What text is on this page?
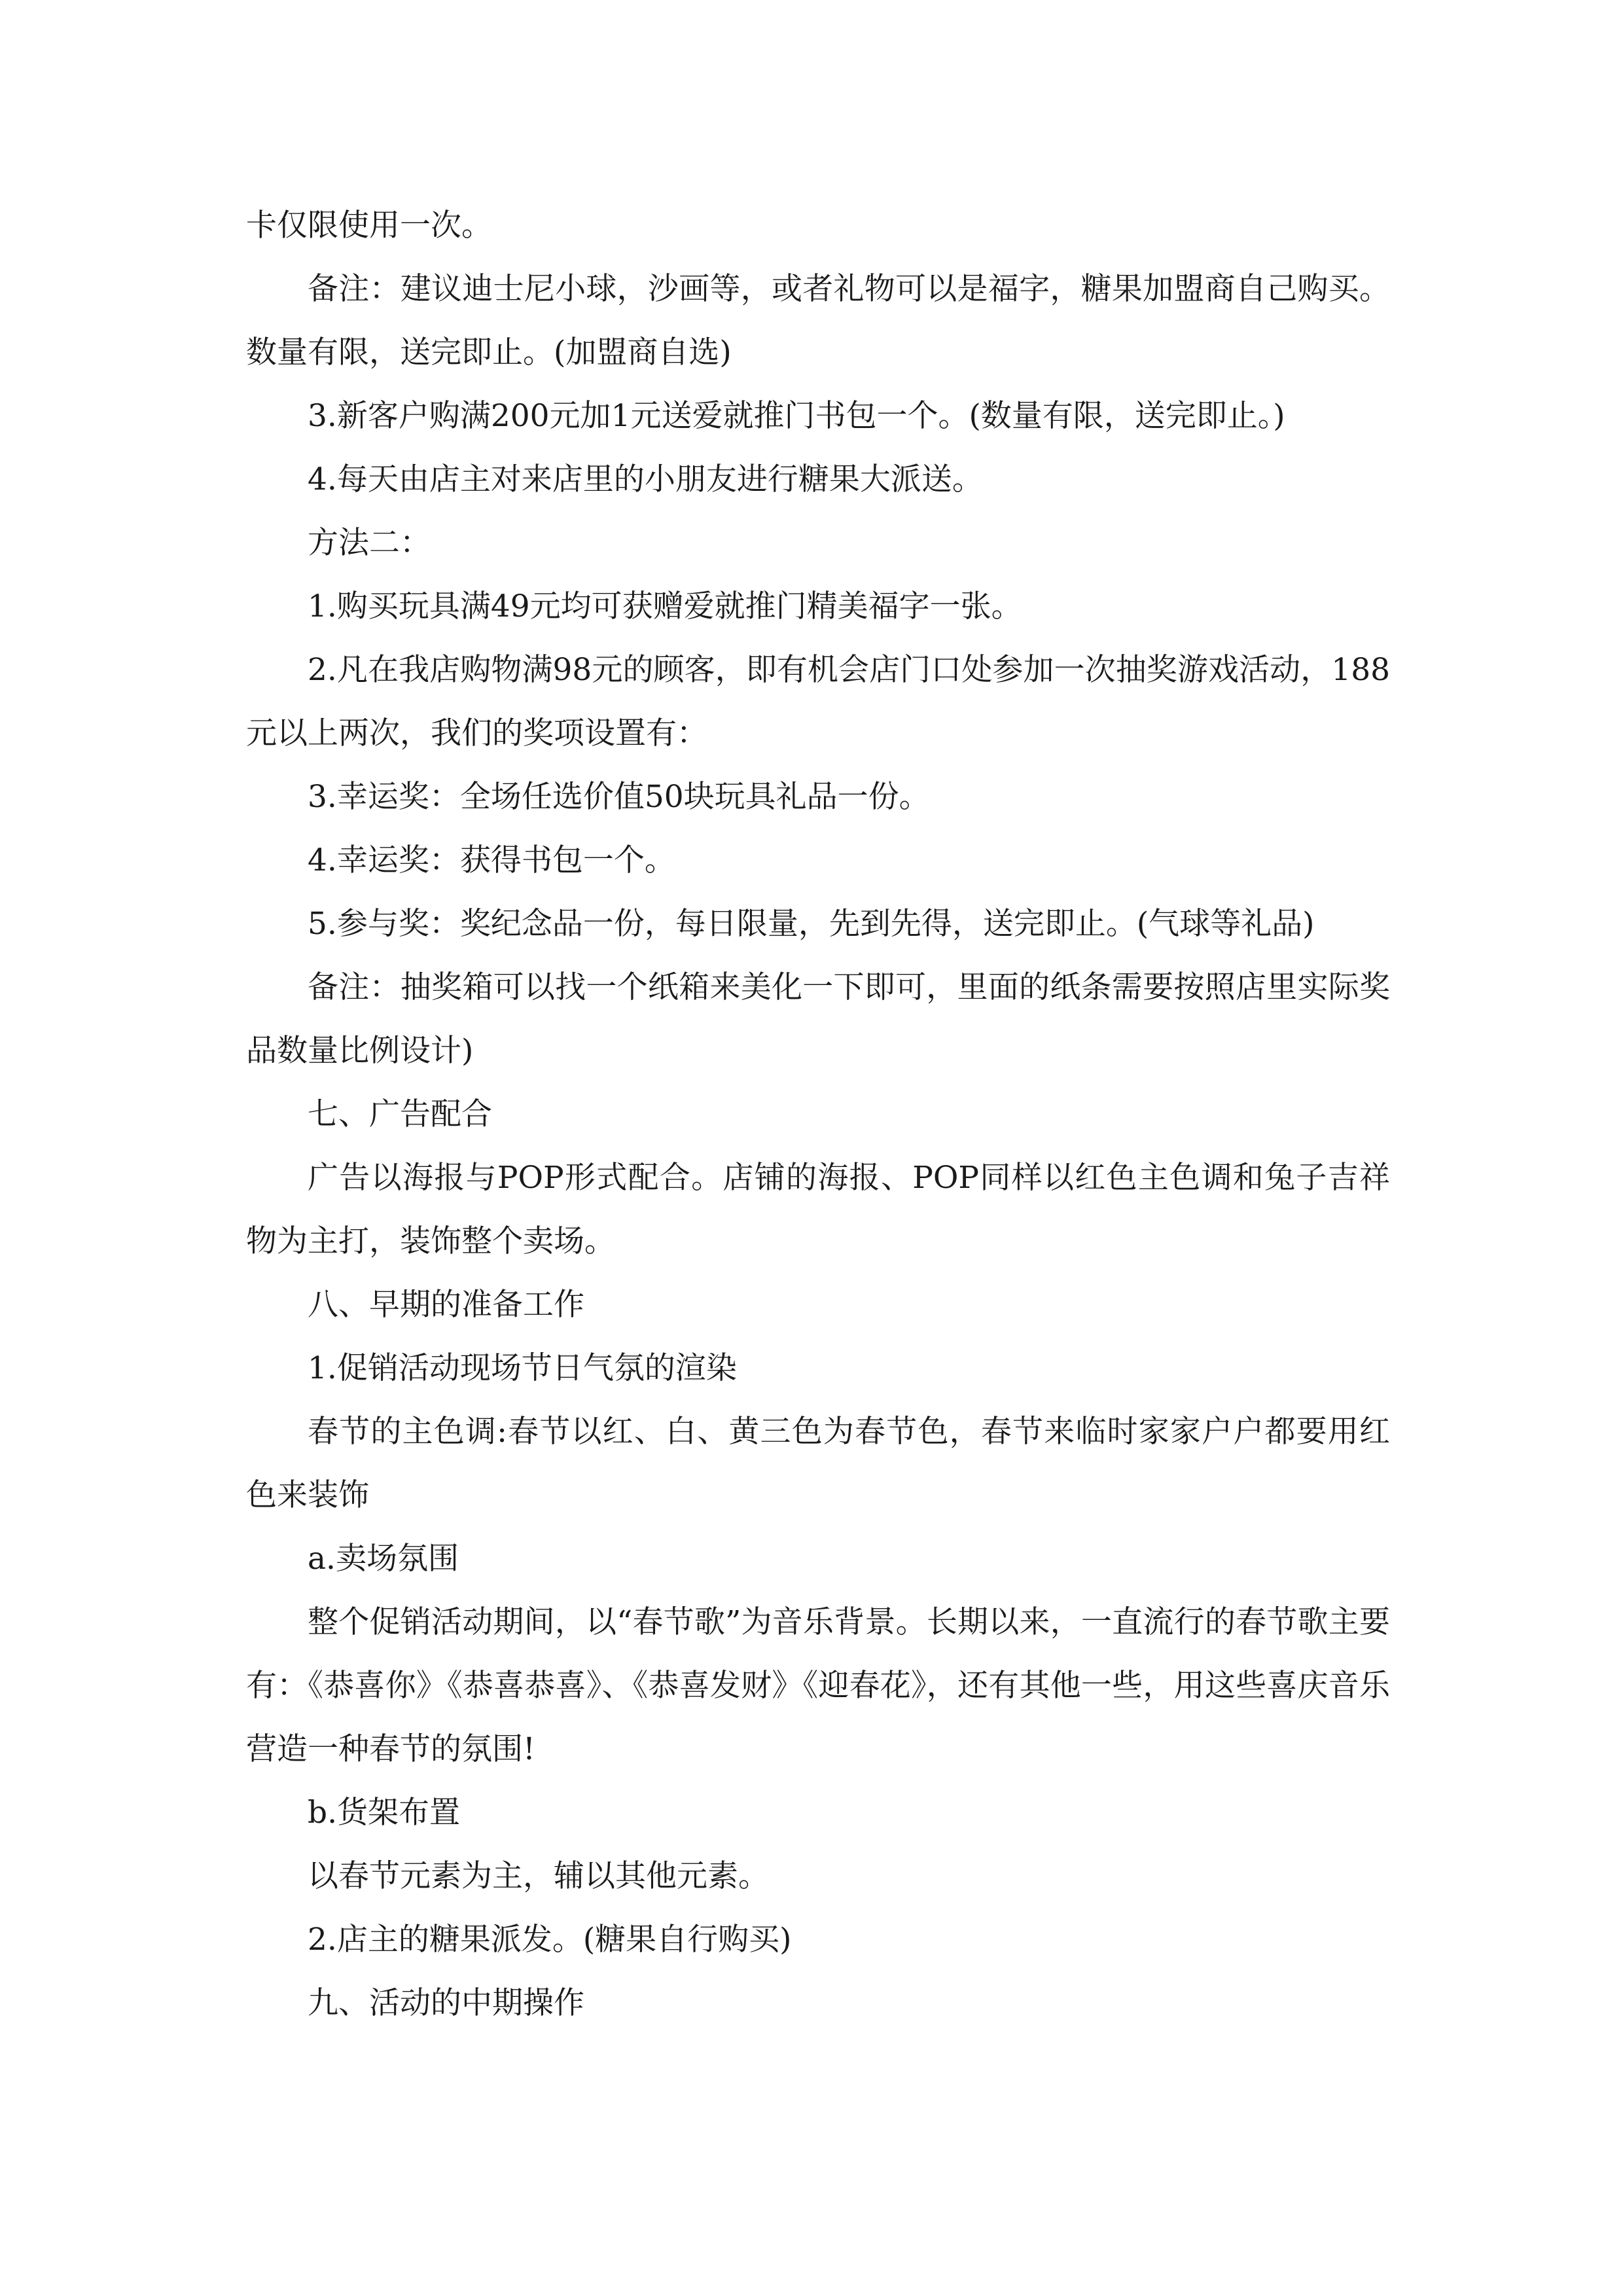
卡仅限使用一次。

备注：建议迪士尼小球，沙画等，或者礼物可以是福字，糖果加盟商自己购买。数量有限，送完即止。(加盟商自选)

3.新客户购满200元加1元送爱就推门书包一个。(数量有限，送完即止。)

4.每天由店主对来店里的小朋友进行糖果大派送。

方法二：

1.购买玩具满49元均可获赠爱就推门精美福字一张。

2.凡在我店购物满98元的顾客，即有机会店门口处参加一次抽奖游戏活动，188元以上两次，我们的奖项设置有：

3.幸运奖：全场任选价值50块玩具礼品一份。

4.幸运奖：获得书包一个。

5.参与奖：奖纪念品一份，每日限量，先到先得，送完即止。(气球等礼品)

备注：抽奖箱可以找一个纸箱来美化一下即可，里面的纸条需要按照店里实际奖品数量比例设计)

七、广告配合

广告以海报与POP形式配合。店铺的海报、POP同样以红色主色调和兔子吉祥物为主打，装饰整个卖场。

八、早期的准备工作

1.促销活动现场节日气氛的渲染

春节的主色调:春节以红、白、黄三色为春节色，春节来临时家家户户都要用红色来装饰

a.卖场氛围

整个促销活动期间，以“春节歌”为音乐背景。长期以来，一直流行的春节歌主要有：《恭喜你》《恭喜恭喜》、《恭喜发财》《迎春花》，还有其他一些，用这些喜庆音乐营造一种春节的氛围!

b.货架布置

以春节元素为主，辅以其他元素。

2.店主的糖果派发。(糖果自行购买)

九、活动的中期操作
